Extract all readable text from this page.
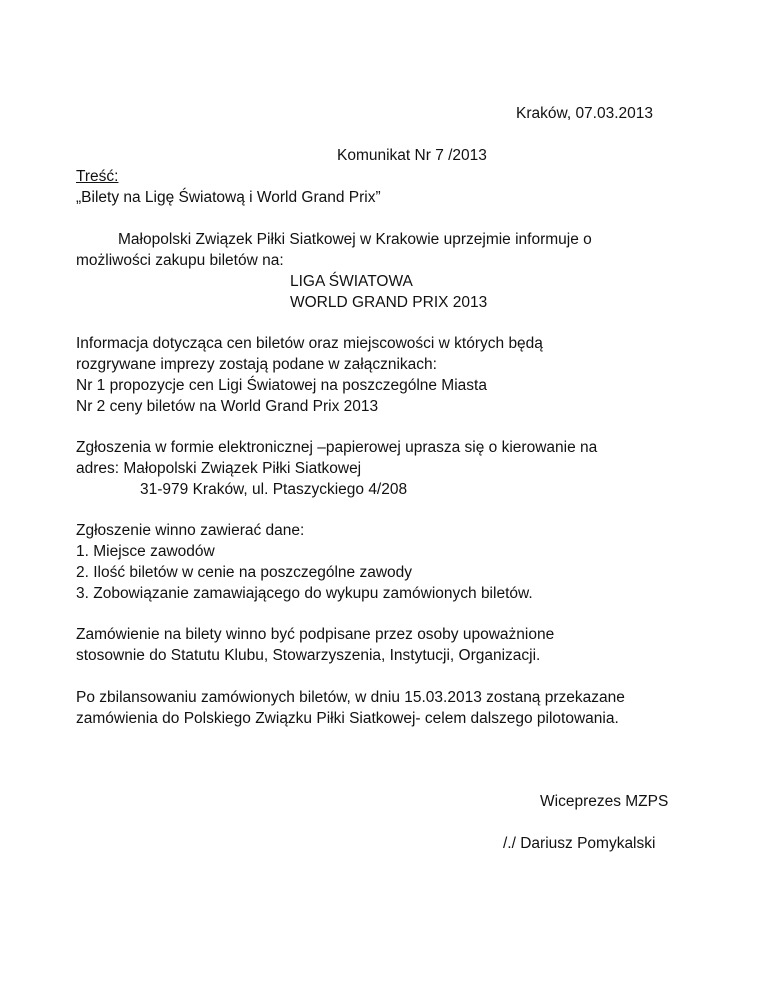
Kraków, 07.03.2013
Komunikat Nr 7 /2013
Treść:
„Bilety na Ligę Światową i World Grand Prix”
Małopolski Związek Piłki Siatkowej w Krakowie uprzejmie informuje o
możliwości zakupu biletów na:
LIGA ŚWIATOWA
WORLD GRAND PRIX 2013
Informacja dotycząca cen biletów oraz miejscowości w których będą
rozgrywane imprezy zostają podane w załącznikach:
Nr 1 propozycje cen Ligi Światowej na poszczególne Miasta
Nr 2 ceny biletów na World Grand Prix 2013
Zgłoszenia w formie elektronicznej –papierowej uprasza się o kierowanie na
adres: Małopolski Związek Piłki Siatkowej
31-979 Kraków, ul. Ptaszyckiego 4/208
Zgłoszenie winno zawierać dane:
1. Miejsce zawodów
2. Ilość biletów w cenie na poszczególne zawody
3. Zobowiązanie zamawiającego do wykupu zamówionych biletów.
Zamówienie na bilety winno być podpisane przez osoby upoważnione
stosownie do Statutu Klubu, Stowarzyszenia, Instytucji, Organizacji.
Po zbilansowaniu zamówionych biletów, w dniu 15.03.2013 zostaną przekazane
zamówienia do Polskiego Związku Piłki Siatkowej- celem dalszego pilotowania.
Wiceprezes MZPS
/./ Dariusz Pomykalski
